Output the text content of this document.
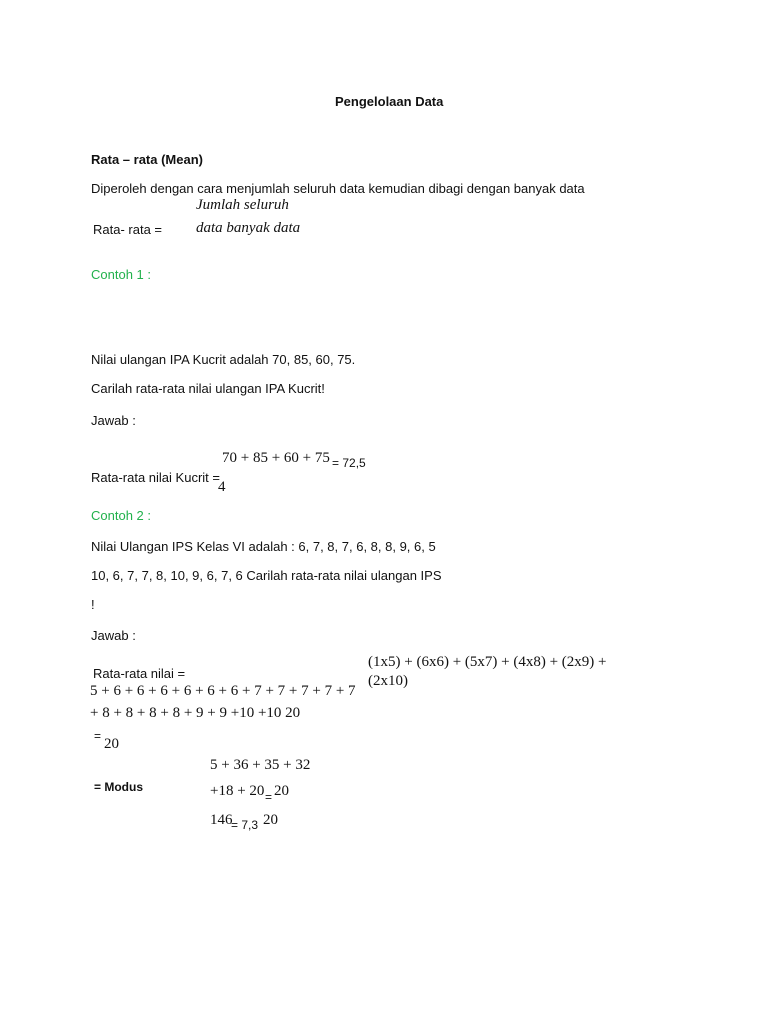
Pengelolaan Data
Rata – rata (Mean)
Diperoleh dengan cara menjumlah seluruh data kemudian dibagi dengan banyak data
Jumlah seluruh
Rata- rata = data banyak data
Contoh 1 :
Nilai ulangan IPA Kucrit adalah 70, 85, 60, 75.
Carilah rata-rata nilai ulangan IPA Kucrit!
Jawab :
70 + 85 + 60 + 75 = 72,5
Rata-rata nilai Kucrit =
4
Contoh 2 :
Nilai Ulangan IPS Kelas VI adalah : 6, 7, 8, 7, 6, 8, 8, 9, 6, 5
10, 6, 7, 7, 8, 10, 9, 6, 7, 6 Carilah rata-rata nilai ulangan IPS
!
Jawab :
(1x5) + (6x6) + (5x7) + (4x8) + (2x9) +
Rata-rata nilai =	(2x10)
5 + 6 + 6 + 6 + 6 + 6 + 6 + 7 + 7 + 7 + 7 + 7
+ 8 + 8 + 8 + 8 + 9 + 9 +10 +10 20
= 20
5 + 36 + 35 + 32
= Modus	+18 + 20 = 20
146
= 7,3 20
